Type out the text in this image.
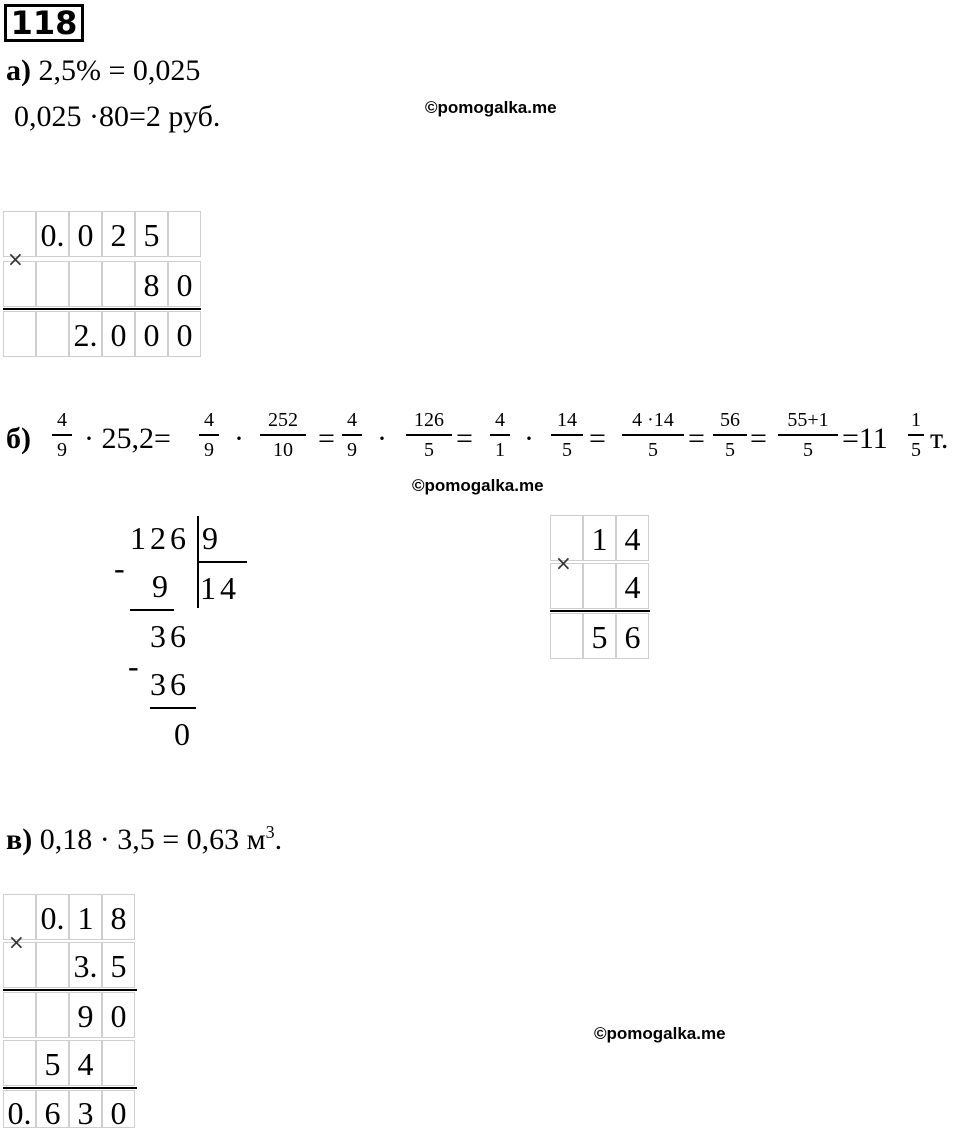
118
а) 2,5% = 0,025
0,025 ·80=2 руб.	©pomogalka.me
0. 0 2 5
8 0
2. 0 0 0
×
б)
4
9 · 25,2=
4
9 ·
252
10 =
4
9 ·
126
5 =
4
1 ·
14
5 =
4 ·14
5	=
56
5 =
55+1
5 =11
1
5 т.
©pomogalka.me
126 9
- 9 14
36
- 36
0
1 4
4
5 6
×
в) 0,18 · 3,5 = 0,63 $м^3$.
0. 1 8
3. 5
9 0
5 4
0. 6 3 0
×
©pomogalka.me
